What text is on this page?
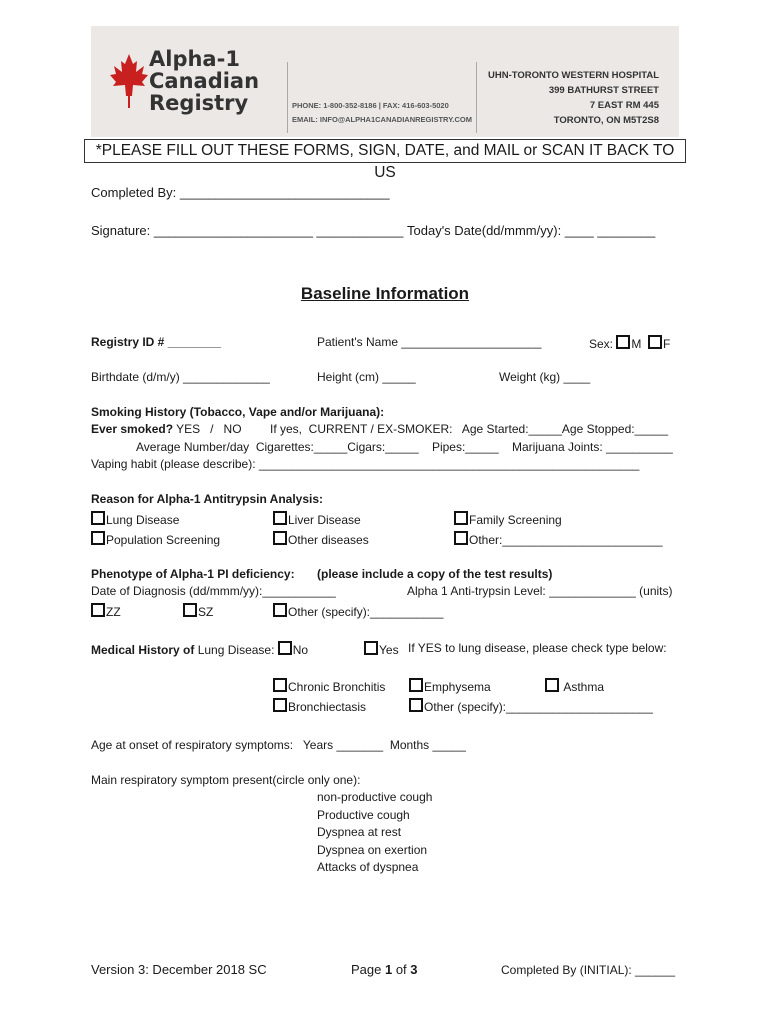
Alpha-1
Canadian
Registry	PHONE: 1-800-352-8186 | FAX: 416-603-5020
EMAIL: INFO@ALPHA1CANADIANREGISTRY.COM
UHN-TORONTO WESTERN HOSPITAL
399 BATHURST STREET
7 EAST RM 445
TORONTO, ON M5T2S8
*PLEASE FILL OUT THESE FORMS, SIGN, DATE, and MAIL or SCAN IT BACK TO US
Completed By: _____________________________
Signature: ______________________ ____________ Today's Date(dd/mmm/yy): ____ ________
Baseline Information
Registry ID # ________	Patient's Name _____________________	Sex: M F
Birthdate (d/m/y) _____________	Height (cm) _____	Weight (kg) ____
Smoking History (Tobacco, Vape and/or Marijuana):
Ever smoked? YES   /   NO If yes,  CURRENT / EX-SMOKER:   Age Started:_____Age Stopped:_____
Average Number/day  Cigarettes:_____Cigars:_____    Pipes:_____    Marijuana Joints: __________
Vaping habit (please describe): _________________________________________________________
Reason for Alpha-1 Antitrypsin Analysis:
Lung Disease	Liver Disease	Family Screening
Population Screening	Other diseases	Other:________________________
Phenotype of Alpha-1 PI deficiency: (please include a copy of the test results)
Date of Diagnosis (dd/mmm/yy):___________	Alpha 1 Anti-trypsin Level: _____________ (units)
ZZ	SZ	Other (specify):___________
Medical History of Lung Disease: No	Yes If YES to lung disease, please check type below:
Chronic Bronchitis	Emphysema	Asthma
Bronchiectasis	Other (specify):______________________
Age at onset of respiratory symptoms:   Years _______  Months _____
Main respiratory symptom present(circle only one):
non-productive cough
Productive cough
Dyspnea at rest
Dyspnea on exertion
Attacks of dyspnea
Version 3: December 2018 SC	Page 1 of 3	Completed By (INITIAL): ______
